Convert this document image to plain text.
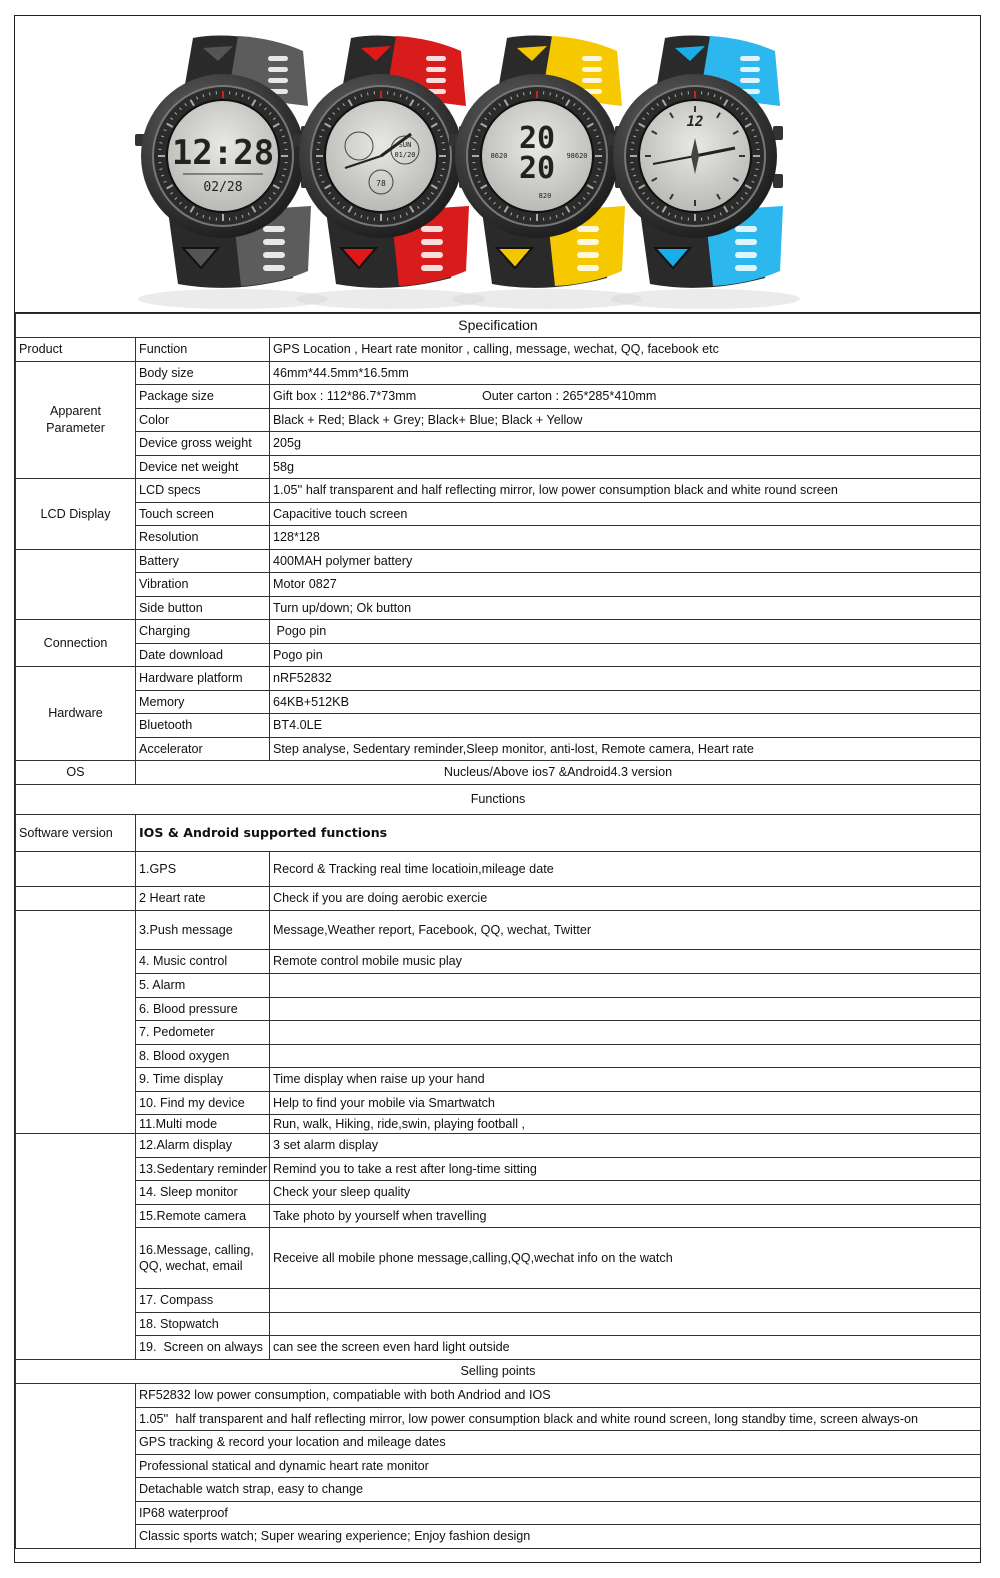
12:28
02/28
SUN
01/20
78
20
20
8620	98620
820
12
Specification		
Product	Function	GPS Location , Heart rate monitor , calling, message, wechat, QQ, facebook etc
Apparent Parameter	Body size	46mm*44.5mm*16.5mm
	Package size	Gift box : 112*86.7*73mm Outer carton : 265*285*410mm
	Color	Black + Red; Black + Grey; Black+ Blue; Black + Yellow
	Device gross weight	205g
	Device net weight	58g
LCD Display	LCD specs	1.05'' half transparent and half reflecting mirror, low power consumption black and white round screen
	Touch screen	Capacitive touch screen
	Resolution	128*128
	Battery	400MAH polymer battery
	Vibration	Motor 0827
	Side button	Turn up/down; Ok button
Connection	Charging	Pogo pin
	Date download	Pogo pin
Hardware	Hardware platform	nRF52832
	Memory	64KB+512KB
	Bluetooth	BT4.0LE
	Accelerator	Step analyse, Sedentary reminder,Sleep monitor, anti-lost, Remote camera, Heart rate
OS	Nucleus/Above ios7 &Android4.3 version	
Functions		
Software version	IOS & Android supported functions	
	1.GPS	Record & Tracking real time locatioin,mileage date
	2 Heart rate	Check if you are doing aerobic exercie
	3.Push message	Message,Weather report, Facebook, QQ, wechat, Twitter
	4. Music control	Remote control mobile music play
	5. Alarm	
	6. Blood pressure	
	7. Pedometer	
	8. Blood oxygen	
	9. Time display	Time display when raise up your hand
	10. Find my device	Help to find your mobile via Smartwatch
	11.Multi mode	Run, walk, Hiking, ride,swin, playing football ,
	12.Alarm display	3 set alarm display
	13.Sedentary reminder	Remind you to take a rest after long-time sitting
	14. Sleep monitor	Check your sleep quality
	15.Remote camera	Take photo by yourself when travelling
	16.Message, calling, QQ, wechat, email	Receive all mobile phone message,calling,QQ,wechat info on the watch
	17. Compass	
	18. Stopwatch	
	19.  Screen on always	can see the screen even hard light outside
Selling points		
	RF52832 low power consumption, compatiable with both Andriod and IOS	
	1.05''  half transparent and half reflecting mirror, low power consumption black and white round screen, long standby time, screen always-on	
	GPS tracking & record your location and mileage dates	
	Professional statical and dynamic heart rate monitor	
	Detachable watch strap, easy to change	
	IP68 waterproof	
	Classic sports watch; Super wearing experience; Enjoy fashion design	
